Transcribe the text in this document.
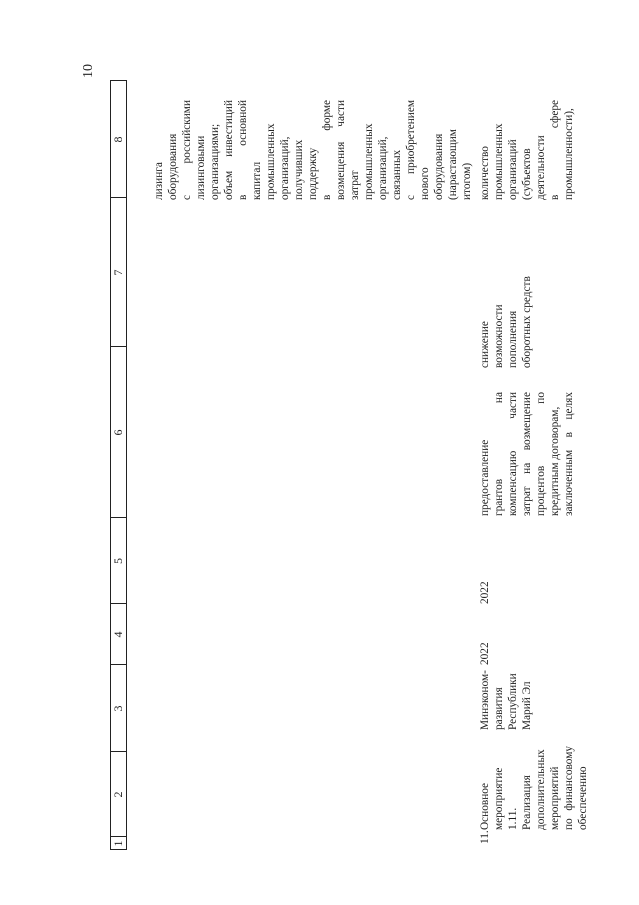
10
1
2
3
4
5
6
7
8
лизинга оборудования с российскими лизинговыми организациями; объем инвестиций в основной капитал промышленных организаций, получивших поддержку в форме возмещения части затрат промышленных организаций, связанных с приобретением нового оборудования (нарастающим итогом)
11.
Основное мероприятие 1.11. Реализация дополнительных мероприятий по финансовому обеспечению
Минэконом- развития Республики Марий Эл
2022
2022
предоставление грантов на компенсацию части затрат на возмещение процентов по кредитным договорам, заключенным в целях
снижение возможности пополнения оборотных средств
количество промышленных организаций (субъектов деятельности в сфере промышленности),
